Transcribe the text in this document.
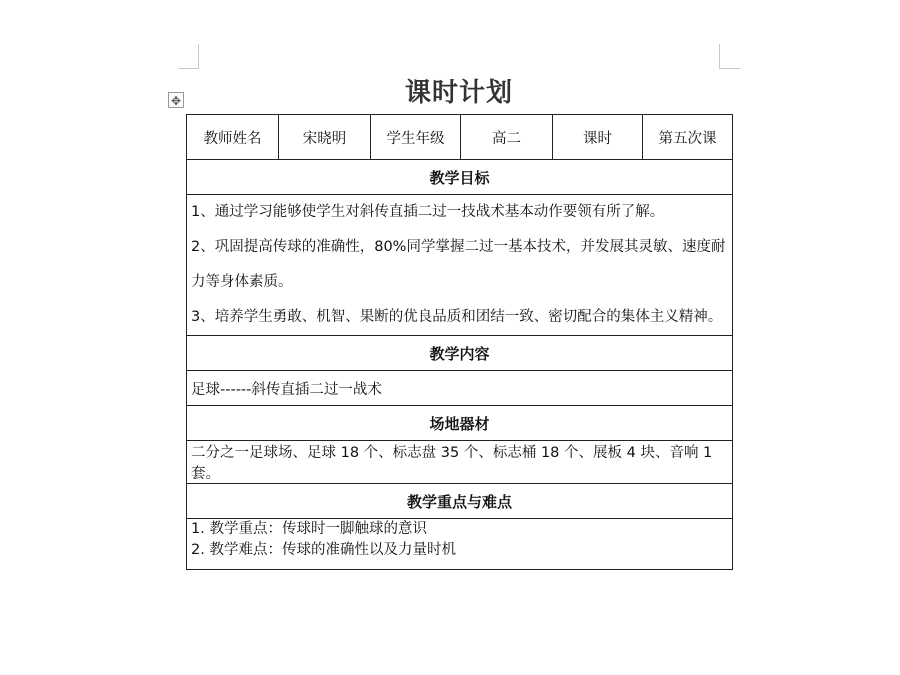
✥	课时计划
教师姓名	宋晓明	学生年级	高二	课时	第五次课
教学目标

1、通过学习能够使学生对斜传直插二过一技战术基本动作要领有所了解。

2、巩固提高传球的准确性，80%同学掌握二过一基本技术，并发展其灵敏、速度耐力等身体素质。

3、培养学生勇敢、机智、果断的优良品质和团结一致、密切配合的集体主义精神。

教学内容
足球------斜传直插二过一战术
场地器材
二分之一足球场、足球 18 个、标志盘 35 个、标志桶 18 个、展板 4 块、音响 1 套。
教学重点与难点

1. 教学重点：传球时一脚触球的意识

2. 教学难点：传球的准确性以及力量时机
